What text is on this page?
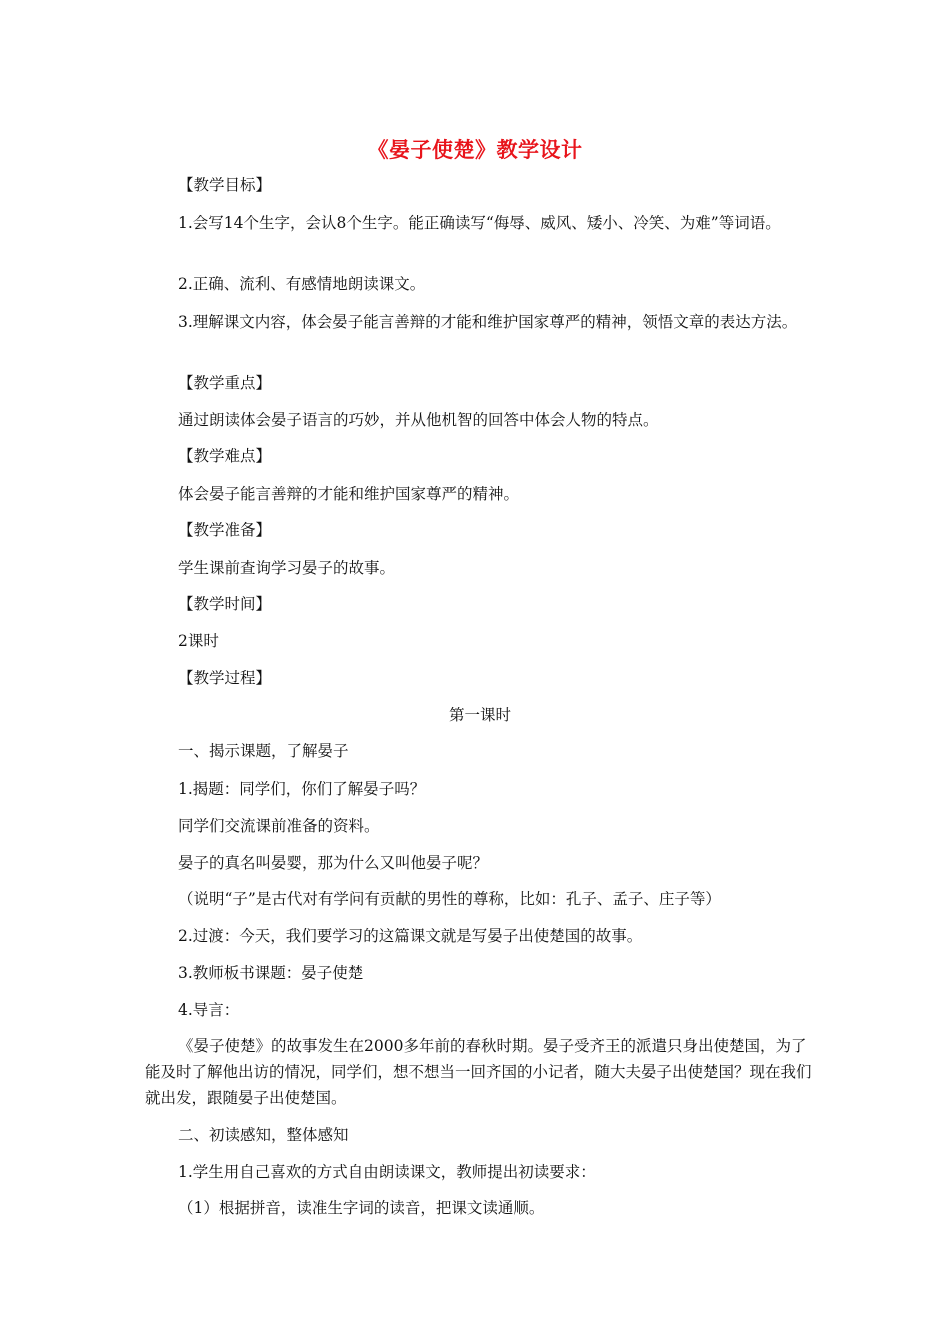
《晏子使楚》教学设计
【教学目标】
1.会写14个生字，会认8个生字。能正确读写“侮辱、威风、矮小、冷笑、为难”等词语。
2.正确、流利、有感情地朗读课文。
3.理解课文内容，体会晏子能言善辩的才能和维护国家尊严的精神，领悟文章的表达方法。
【教学重点】
通过朗读体会晏子语言的巧妙，并从他机智的回答中体会人物的特点。
【教学难点】
体会晏子能言善辩的才能和维护国家尊严的精神。
【教学准备】
学生课前查询学习晏子的故事。
【教学时间】
2课时
【教学过程】
第一课时
一、揭示课题，了解晏子
1.揭题：同学们，你们了解晏子吗？
同学们交流课前准备的资料。
晏子的真名叫晏婴，那为什么又叫他晏子呢？
（说明“子”是古代对有学问有贡献的男性的尊称，比如：孔子、孟子、庄子等）
2.过渡：今天，我们要学习的这篇课文就是写晏子出使楚国的故事。
3.教师板书课题：晏子使楚
4.导言：
《晏子使楚》的故事发生在2000多年前的春秋时期。晏子受齐王的派遣只身出使楚国，为了能及时了解他出访的情况，同学们，想不想当一回齐国的小记者，随大夫晏子出使楚国？现在我们就出发，跟随晏子出使楚国。
二、初读感知，整体感知
1.学生用自己喜欢的方式自由朗读课文，教师提出初读要求：
（1）根据拼音，读准生字词的读音，把课文读通顺。
